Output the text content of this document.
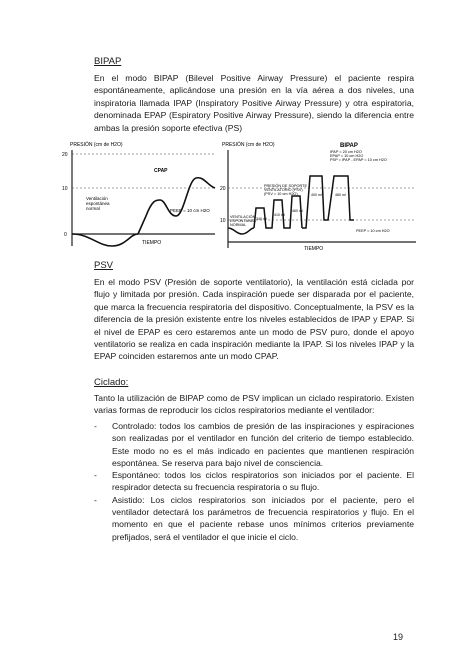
BIPAP
En el modo BIPAP (Bilevel Positive Airway Pressure) el paciente respira espontáneamente, aplicándose una presión en la vía aérea a dos niveles, una inspiratoria llamada IPAP (Inspiratory Positive Airway Pressure) y otra espiratoria, denominada EPAP (Espiratory Positive Airway Pressure), siendo la diferencia entre ambas la presión soporte efectiva (PS)
PRESIÓN (cm de H2O)
20
10
0
Ventilación
espontánea
normal
CPAP
PEEP = 10 cm H2O
TIEMPO
PRESIÓN (cm de H2O)
20
10
BIPAP
IPAP = 20 cm H2O
EPAP = 10 cm H2O
PSP = IPAP - EPAP = 10 cm H2O
PRESIÓN DE SOPORTE
VENTILATORIO (PSV)
(PSV = 10 cm H2O)
VENTILACIÓN
ESPONTÁNEA
NORMAL
340 ml
410 ml
460 ml
400 ml	480 ml
PEEP = 10 cm H2O
TIEMPO
PSV
En el modo PSV (Presión de soporte ventilatorio), la ventilación está ciclada por flujo y limitada por presión. Cada inspiración puede ser disparada por el paciente, que marca la frecuencia respiratoria del dispositivo. Conceptualmente, la PSV es la diferencia de la presión existente entre los niveles establecidos de IPAP y EPAP. Si el nivel de EPAP es cero estaremos ante un modo de PSV puro, donde el apoyo ventilatorio se realiza en cada inspiración mediante la IPAP. Si los niveles IPAP y la EPAP coinciden estaremos ante un modo CPAP.
Ciclado:
Tanto la utilización de BIPAP como de PSV implican un ciclado respiratorio. Existen varias formas de reproducir los ciclos respiratorios mediante el ventilador:
- Controlado: todos los cambios de presión de las inspiraciones y espiraciones son realizadas por el ventilador en función del criterio de tiempo establecido. Este modo no es el más indicado en pacientes que mantienen respiración espontánea. Se reserva para bajo nivel de consciencia.
- Espontáneo: todos los ciclos respiratorios son iniciados por el paciente. El respirador detecta su frecuencia respiratoria o su flujo.
- Asistido: Los ciclos respiratorios son iniciados por el paciente, pero el ventilador detectará los parámetros de frecuencia respiratorios y flujo. En el momento en que el paciente rebase unos mínimos criterios previamente prefijados, será el ventilador el que inicie el ciclo.
19
